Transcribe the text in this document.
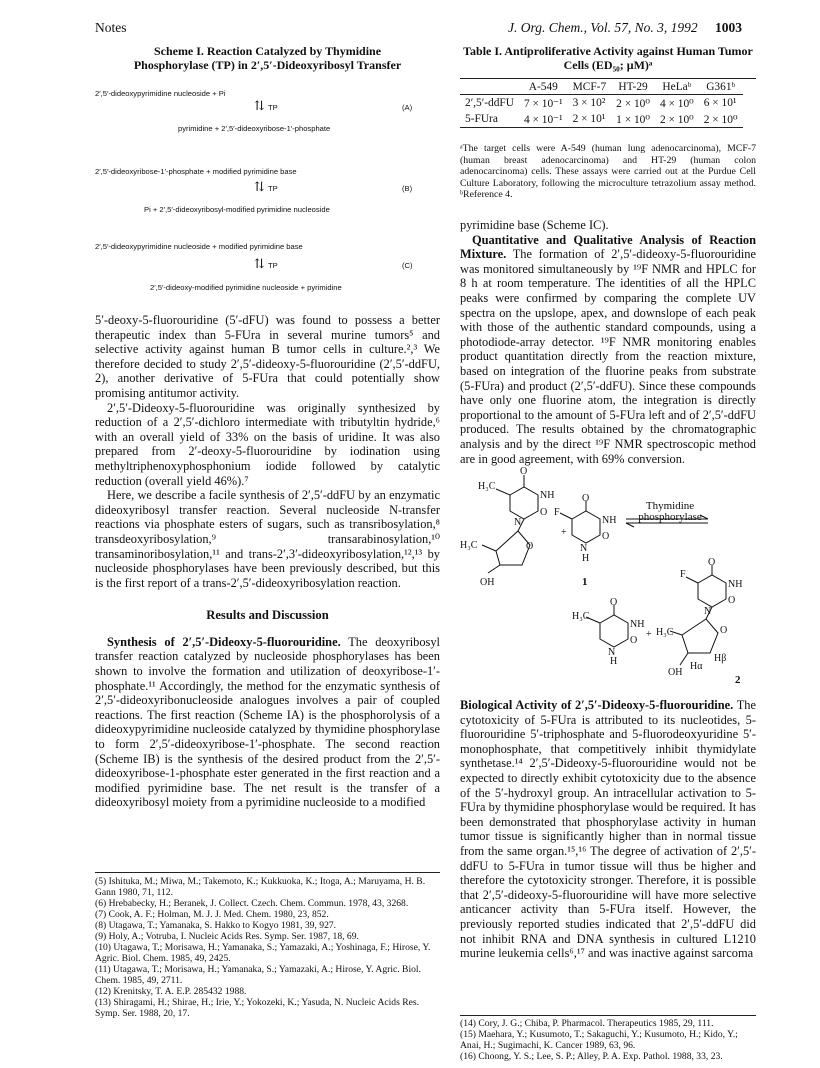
Notes	J. Org. Chem., Vol. 57, No. 3, 1992 1003
Scheme I. Reaction Catalyzed by Thymidine
Phosphorylase (TP) in 2′,5′-Dideoxyribosyl Transfer
2′,5′-dideoxypyrimidine nucleoside + Pi
⇅ TP	(A)
pyrimidine + 2′,5′-dideoxyribose-1′-phosphate
2′,5′-dideoxyribose-1′-phosphate + modified pyrimidine base
⇅ TP	(B)
Pi + 2′,5′-dideoxyribosyl-modified pyrimidine nucleoside
2′,5′-dideoxypyrimidine nucleoside + modified pyrimidine base
⇅ TP	(C)
2′,5′-dideoxy-modified pyrimidine nucleoside + pyrimidine

5′-deoxy-5-fluorouridine (5′-dFU) was found to possess a better therapeutic index than 5-FUra in several murine tumors⁵ and selective activity against human B tumor cells in culture.²,³ We therefore decided to study 2′,5′-dideoxy-5-fluorouridine (2′,5′-ddFU, 2), another derivative of 5-FUra that could potentially show promising antitumor activity.

2′,5′-Dideoxy-5-fluorouridine was originally synthesized by reduction of a 2′,5′-dichloro intermediate with tributyltin hydride,⁶ with an overall yield of 33% on the basis of uridine. It was also prepared from 2′-deoxy-5-fluorouridine by iodination using methyltriphenoxyphosphonium iodide followed by catalytic reduction (overall yield 46%).⁷

Here, we describe a facile synthesis of 2′,5′-ddFU by an enzymatic dideoxyribosyl transfer reaction. Several nucleoside N-transfer reactions via phosphate esters of sugars, such as transribosylation,⁸ transdeoxyribosylation,⁹ transarabinosylation,¹⁰ transaminoribosylation,¹¹ and trans-2′,3′-dideoxyribosylation,¹²,¹³ by nucleoside phosphorylases have been previously described, but this is the first report of a trans-2′,5′-dideoxyribosylation reaction.

Results and Discussion

Synthesis of 2′,5′-Dideoxy-5-fluorouridine. The deoxyribosyl transfer reaction catalyzed by nucleoside phosphorylases has been shown to involve the formation and utilization of deoxyribose-1′-phosphate.¹¹ Accordingly, the method for the enzymatic synthesis of 2′,5′-dideoxyribonucleoside analogues involves a pair of coupled reactions. The first reaction (Scheme IA) is the phosphorolysis of a dideoxypyrimidine nucleoside catalyzed by thymidine phosphorylase to form 2′,5′-dideoxyribose-1′-phosphate. The second reaction (Scheme IB) is the synthesis of the desired product from the 2′,5′-dideoxyribose-1-phosphate ester generated in the first reaction and a modified pyrimidine base. The net result is the transfer of a dideoxyribosyl moiety from a pyrimidine nucleoside to a modified

(5) Ishituka, M.; Miwa, M.; Takemoto, K.; Kukkuoka, K.; Itoga, A.; Maruyama, H. B. Gann 1980, 71, 112.
(6) Hrebabecky, H.; Beranek, J. Collect. Czech. Chem. Commun. 1978, 43, 3268.
(7) Cook, A. F.; Holman, M. J. J. Med. Chem. 1980, 23, 852.
(8) Utagawa, T.; Yamanaka, S. Hakko to Kogyo 1981, 39, 927.
(9) Holy, A.; Votruba, I. Nucleic Acids Res. Symp. Ser. 1987, 18, 69.
(10) Utagawa, T.; Morisawa, H.; Yamanaka, S.; Yamazaki, A.; Yoshinaga, F.; Hirose, Y. Agric. Biol. Chem. 1985, 49, 2425.
(11) Utagawa, T.; Morisawa, H.; Yamanaka, S.; Yamazaki, A.; Hirose, Y. Agric. Biol. Chem. 1985, 49, 2711.
(12) Krenitsky, T. A. E.P. 285432 1988.
(13) Shiragami, H.; Shirae, H.; Irie, Y.; Yokozeki, K.; Yasuda, N. Nucleic Acids Res. Symp. Ser. 1988, 20, 17.
Table I. Antiproliferative Activity against Human Tumor
Cells (ED₅₀; μM)ᵃ
	A-549	MCF-7	HT-29	HeLaᵇ	G361ᵇ
2′,5′-ddFU	7 × 10⁻¹	3 × 10²	2 × 10⁰	4 × 10⁰	6 × 10¹
5-FUra	4 × 10⁻¹	2 × 10¹	1 × 10⁰	2 × 10⁰	2 × 10⁰
ᵃThe target cells were A-549 (human lung adenocarcinoma), MCF-7 (human breast adenocarcinoma) and HT-29 (human colon adenocarcinoma) cells. These assays were carried out at the Purdue Cell Culture Laboratory, following the microculture tetrazolium assay method. ᵇReference 4.

pyrimidine base (Scheme IC).

Quantitative and Qualitative Analysis of Reaction Mixture. The formation of 2′,5′-dideoxy-5-fluorouridine was monitored simultaneously by ¹⁹F NMR and HPLC for 8 h at room temperature. The identities of all the HPLC peaks were confirmed by comparing the complete UV spectra on the upslope, apex, and downslope of each peak with those of the authentic standard compounds, using a photodiode-array detector. ¹⁹F NMR monitoring enables product quantitation directly from the reaction mixture, based on integration of the fluorine peaks from substrate (5-FUra) and product (2′,5′-ddFU). Since these compounds have only one fluorine atom, the integration is directly proportional to the amount of 5-FUra left and of 2′,5′-ddFU produced. The results obtained by the chromatographic analysis and by the direct ¹⁹F NMR spectroscopic method are in good agreement, with 69% conversion.

O
H₃C
NH
O
N
H₃C	O
OH
+
O
F
NH
O
N
H
O
H₃C
NH
O
N
H
+ H₃C
O
F
NH
O
N
O
Hβ
OH
Hα
Thymidine
phosphorylase
1
2

Biological Activity of 2′,5′-Dideoxy-5-fluorouridine. The cytotoxicity of 5-FUra is attributed to its nucleotides, 5-fluorouridine 5′-triphosphate and 5-fluorodeoxyuridine 5′-monophosphate, that competitively inhibit thymidylate synthetase.¹⁴ 2′,5′-Dideoxy-5-fluorouridine would not be expected to directly exhibit cytotoxicity due to the absence of the 5′-hydroxyl group. An intracellular activation to 5-FUra by thymidine phosphorylase would be required. It has been demonstrated that phosphorylase activity in human tumor tissue is significantly higher than in normal tissue from the same organ.¹⁵,¹⁶ The degree of activation of 2′,5′-ddFU to 5-FUra in tumor tissue will thus be higher and therefore the cytotoxicity stronger. Therefore, it is possible that 2′,5′-dideoxy-5-fluorouridine will have more selective anticancer activity than 5-FUra itself. However, the previously reported studies indicated that 2′,5′-ddFU did not inhibit RNA and DNA synthesis in cultured L1210 murine leukemia cells⁶,¹⁷ and was inactive against sarcoma

(14) Cory, J. G.; Chiba, P. Pharmacol. Therapeutics 1985, 29, 111.
(15) Maehara, Y.; Kusumoto, T.; Sakaguchi, Y.; Kusumoto, H.; Kido, Y.; Anai, H.; Sugimachi, K. Cancer 1989, 63, 96.
(16) Choong, Y. S.; Lee, S. P.; Alley, P. A. Exp. Pathol. 1988, 33, 23.
